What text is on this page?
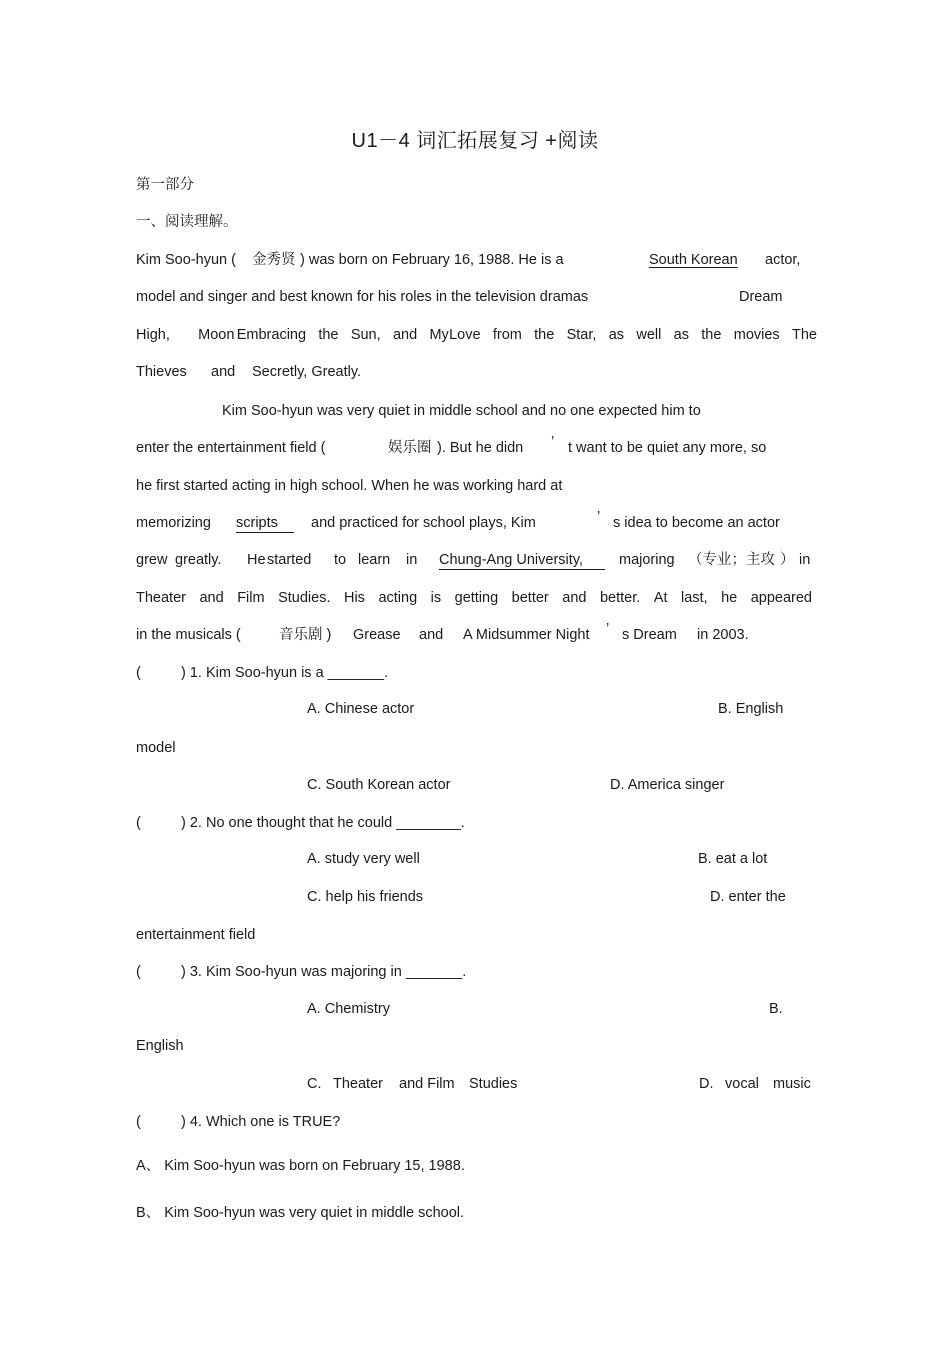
U1－4 词汇拓展复习 +阅读
第一部分
一、阅读理解。
Kim Soo-hyun ( 金秀贤 ) was born on February 16, 1988. He is a	South Korean actor,
model and singer and best known for his roles in the television dramas	Dream
High, Moon Embracing the Sun, and My Love from the Star, as well as the movies The
Thieves and Secretly, Greatly.
Kim Soo-hyun was very quiet in middle school and no one expected him to
enter the entertainment field (	娱乐圈 ). But he didn ’ t want to be quiet any more, so
he first started acting in high school. When he was working hard at
memorizing scripts	and practiced for school plays, Kim	’ s idea to become an actor
grew greatly. He started to learn in Chung-Ang University,	majoring （专业；主攻 ） in
Theater and Film Studies. His acting is getting better and better. At last, he appeared
in the musicals (	音乐剧 ) Grease and A Midsummer Night ’ s Dream in 2003.
(	) 1. Kim Soo-hyun is a _______.
A. Chinese actor	B. English
model
C. South Korean actor	D. America singer
(	) 2. No one thought that he could ________.
A. study very well	B. eat a lot
C. help his friends	D. enter the
entertainment field
(	) 3. Kim Soo-hyun was majoring in _______.
A. Chemistry	B.
English
C. Theater and Film Studies	D. vocal music
(	) 4. Which one is TRUE?
A、 Kim Soo-hyun was born on February 15, 1988.
B、 Kim Soo-hyun was very quiet in middle school.
